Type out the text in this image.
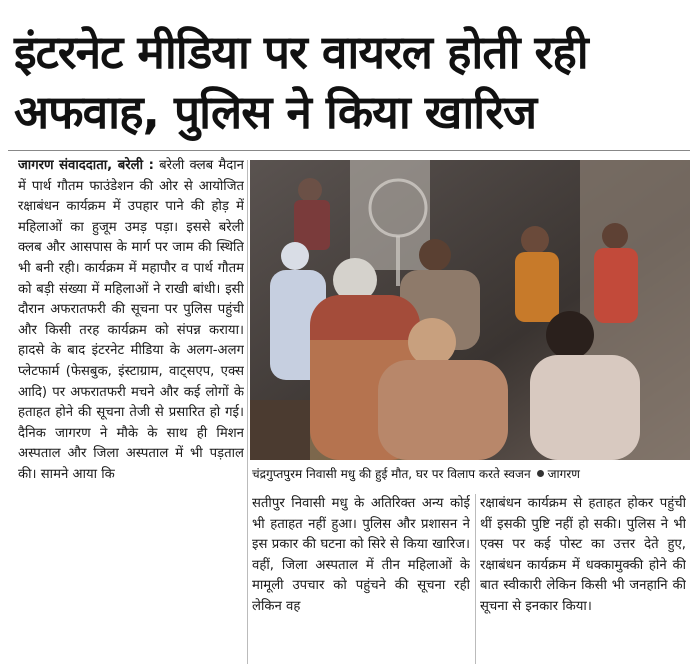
इंटरनेट मीडिया पर वायरल होती रही
अफवाह, पुलिस ने किया खारिज
जागरण संवाददाता, बरेली : बरेली क्लब मैदान में पार्थ गौतम फाउंडेशन की ओर से आयोजित रक्षाबंधन कार्यक्रम में उपहार पाने की होड़ में महिलाओं का हुजूम उमड़ पड़ा। इससे बरेली क्लब और आसपास के मार्ग पर जाम की स्थिति भी बनी रही। कार्यक्रम में महापौर व पार्थ गौतम को बड़ी संख्या में महिलाओं ने राखी बांधी। इसी दौरान अफरातफरी की सूचना पर पुलिस पहुंची और किसी तरह कार्यक्रम को संपन्न कराया। हादसे के बाद इंटरनेट मीडिया के अलग-अलग प्लेटफार्म (फेसबुक, इंस्टाग्राम, वाट्सएप, एक्स आदि) पर अफरातफरी मचने और कई लोगों के हताहत होने की सूचना तेजी से प्रसारित हो गई। दैनिक जागरण ने मौके के साथ ही मिशन अस्पताल और जिला अस्पताल में भी पड़ताल की। सामने आया कि	चंद्रगुप्तपुरम निवासी मधु की हुई मौत, घर पर विलाप करते स्वजन जागरण
सतीपुर निवासी मधु के अतिरिक्त अन्य कोई भी हताहत नहीं हुआ। पुलिस और प्रशासन ने इस प्रकार की घटना को सिरे से किया खारिज। वहीं, जिला अस्पताल में तीन महिलाओं के मामूली उपचार को पहुंचने की सूचना रही लेकिन वह
रक्षाबंधन कार्यक्रम से हताहत होकर पहुंची थीं इसकी पुष्टि नहीं हो सकी। पुलिस ने भी एक्स पर कई पोस्ट का उत्तर देते हुए, रक्षाबंधन कार्यक्रम में धक्कामुक्की होने की बात स्वीकारी लेकिन किसी भी जनहानि की सूचना से इनकार किया।
